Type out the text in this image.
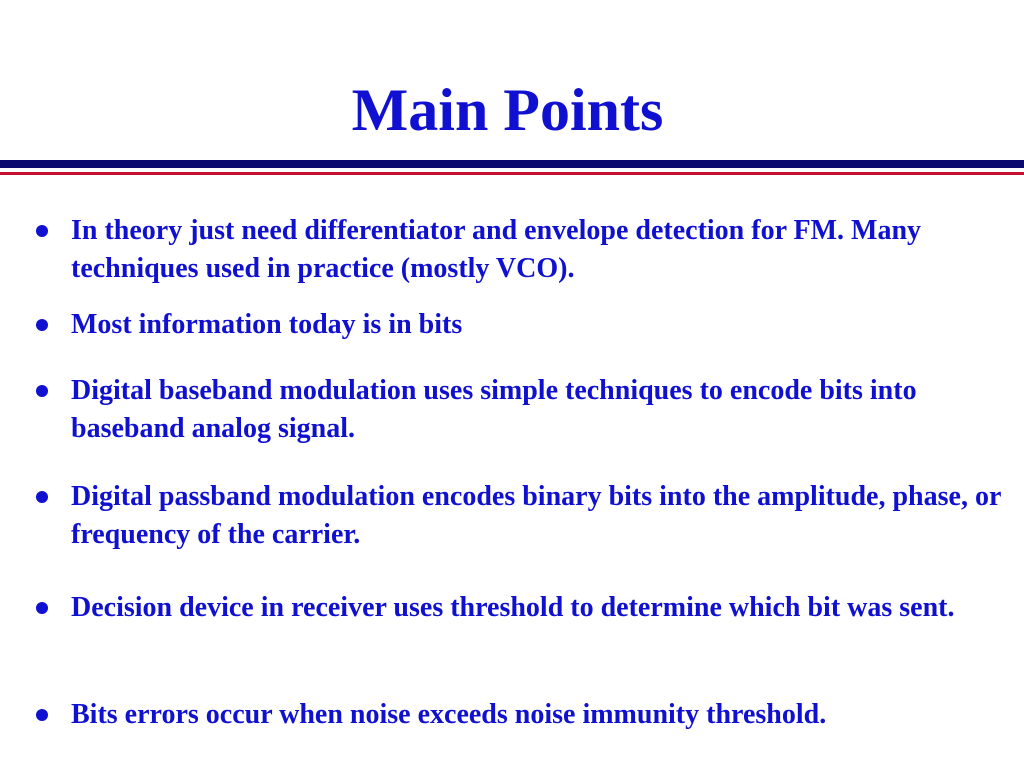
Main Points
In theory just need differentiator and envelope detection for FM. Many techniques used in practice (mostly VCO).
Most information today is in bits
Digital baseband modulation uses simple techniques to encode bits into baseband analog signal.
Digital passband modulation encodes binary bits into the amplitude, phase, or frequency of the carrier.
Decision device in receiver uses threshold to determine which bit was sent.
Bits errors occur when noise exceeds noise immunity threshold.
